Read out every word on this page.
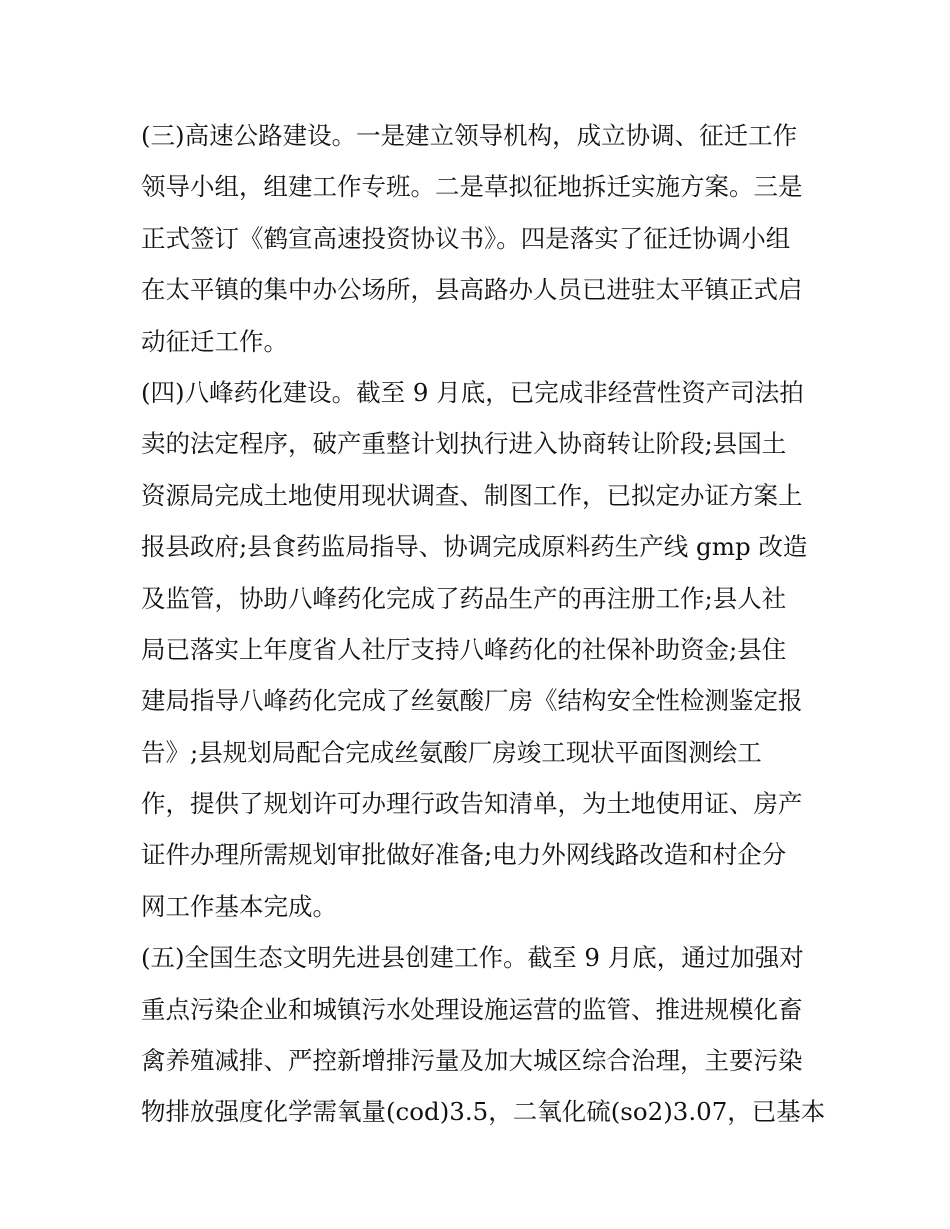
(三)高速公路建设。一是建立领导机构，成立协调、征迁工作
领导小组，组建工作专班。二是草拟征地拆迁实施方案。三是
正式签订《鹤宣高速投资协议书》。四是落实了征迁协调小组
在太平镇的集中办公场所，县高路办人员已进驻太平镇正式启
动征迁工作。
(四)八峰药化建设。截至 9 月底，已完成非经营性资产司法拍
卖的法定程序，破产重整计划执行进入协商转让阶段;县国土
资源局完成土地使用现状调查、制图工作，已拟定办证方案上
报县政府;县食药监局指导、协调完成原料药生产线 gmp 改造
及监管，协助八峰药化完成了药品生产的再注册工作;县人社
局已落实上年度省人社厅支持八峰药化的社保补助资金;县住
建局指导八峰药化完成了丝氨酸厂房《结构安全性检测鉴定报
告》;县规划局配合完成丝氨酸厂房竣工现状平面图测绘工
作，提供了规划许可办理行政告知清单，为土地使用证、房产
证件办理所需规划审批做好准备;电力外网线路改造和村企分
网工作基本完成。
(五)全国生态文明先进县创建工作。截至 9 月底，通过加强对
重点污染企业和城镇污水处理设施运营的监管、推进规模化畜
禽养殖减排、严控新增排污量及加大城区综合治理，主要污染
物排放强度化学需氧量(cod)3.5，二氧化硫(so2)3.07，已基本
